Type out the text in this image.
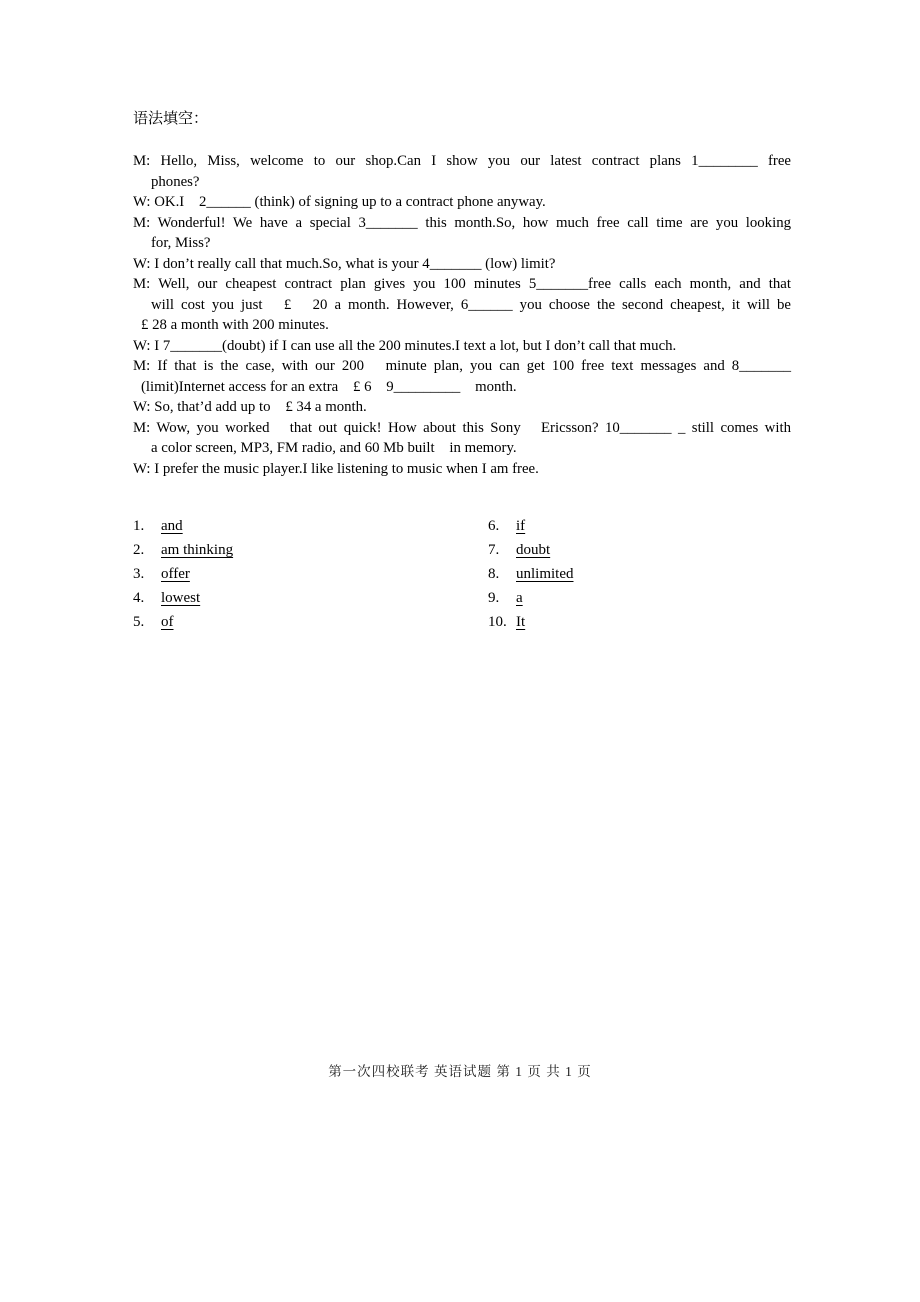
语法填空：
M: Hello, Miss, welcome to our shop.Can I show you our latest contract plans 1________ free
phones?
W: OK.I　2______ (think) of signing up to a contract phone anyway.
M: Wonderful! We have a special 3_______ this month.So, how much free call time are you looking
for, Miss?
W: I don’t really call that much.So, what is your 4_______ (low) limit?
M: Well, our cheapest contract plan gives you 100 minutes 5_______free calls each month, and that
will cost you just　£　20 a month. However, 6______ you choose the second cheapest, it will be
£ 28 a month with 200 minutes.
W: I 7_______(doubt) if I can use all the 200 minutes.I text a lot, but I don’t call that much.
M: If that is the case, with our 200　minute plan, you can get 100 free text messages and 8_______
(limit)Internet access for an extra　£ 6　9_________　month.
W: So, that’d add up to　£ 34 a month.
M: Wow, you worked　that out quick! How about this Sony　Ericsson? 10_______ _ still comes with
a color screen, MP3, FM radio, and 60 Mb built　in memory.
W: I prefer the music player.I like listening to music when I am free.
1. and
2. am thinking
3. offer
4. lowest
5. of
6. if
7. doubt
8. unlimited
9. a
10. It
第一次四校联考 英语试题 第 1 页 共 1 页
